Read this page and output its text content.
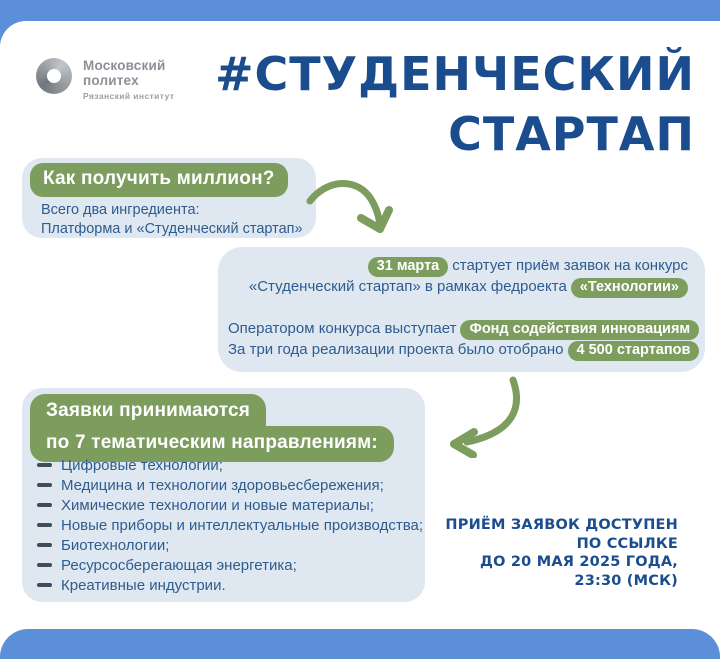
Московский
политех
Рязанский институт #СТУДЕНЧЕСКИЙ
СТАРТАП
Как получить миллион?
Всего два ингредиента:
Платформа и «Студенческий стартап»
31 марта стартует приём заявок на конкурс
«Студенческий стартап» в рамках федроекта «Технологии»
Оператором конкурса выступает Фонд содействия инновациям
За три года реализации проекта было отобрано 4 500 стартапов
Заявки принимаются
по 7 тематическим направлениям:
Цифровые технологии;
Медицина и технологии здоровьесбережения;
Химические технологии и новые материалы;
Новые приборы и интеллектуальные производства;
Биотехнологии;
Ресурсосберегающая энергетика;
Креативные индустрии.
ПРИЁМ ЗАЯВОК ДОСТУПЕН
ПО ССЫЛКЕ
ДО 20 МАЯ 2025 ГОДА,
23:30 (МСК)
